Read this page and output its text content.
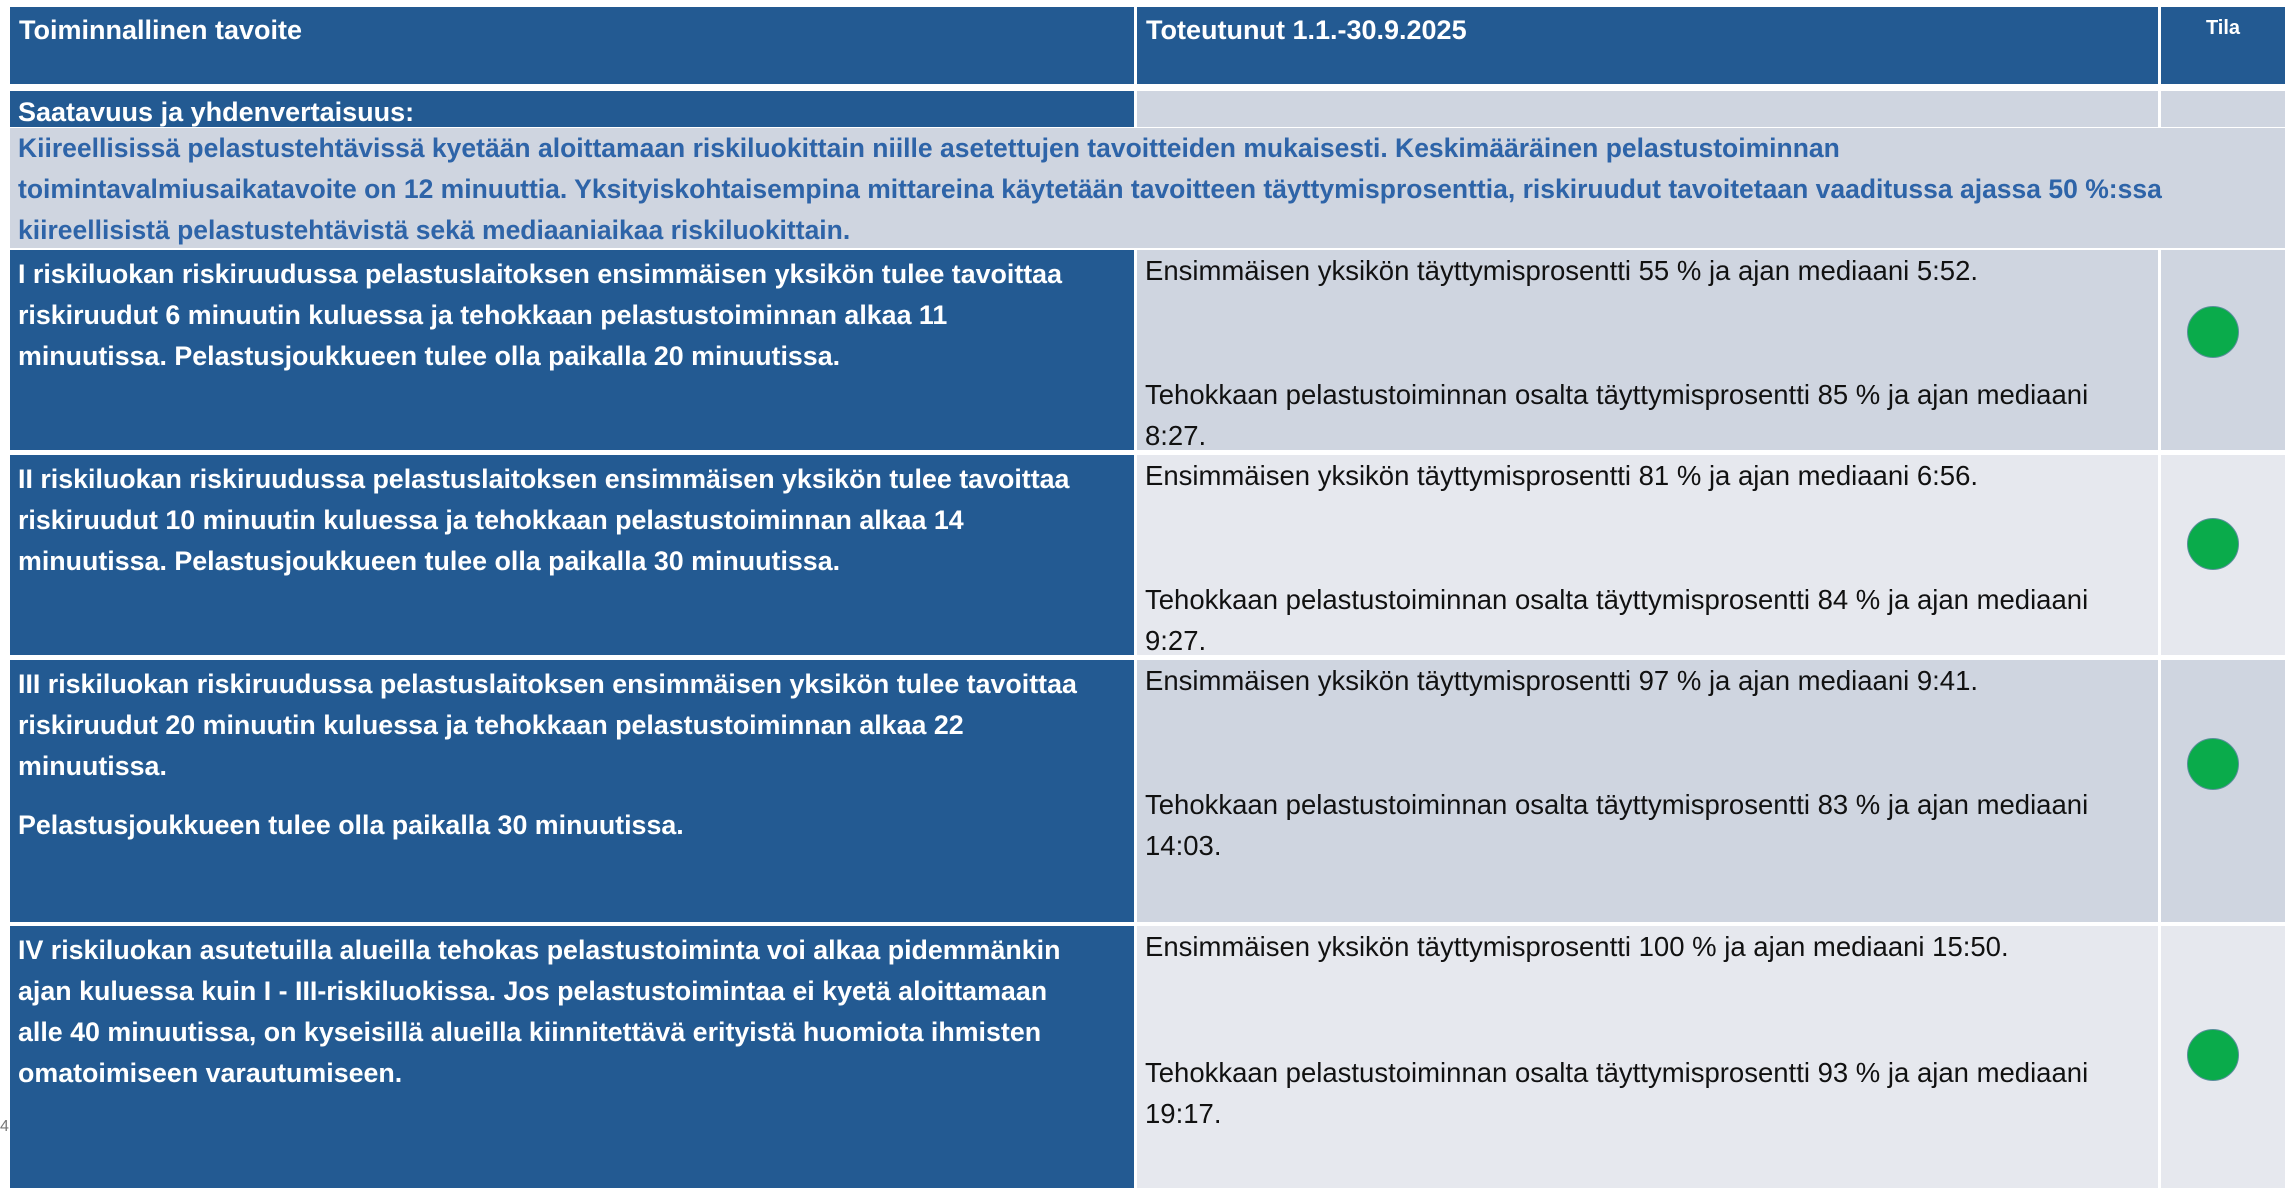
Toiminnallinen tavoite	Toteutunut 1.1.-30.9.2025	Tila
Saatavuus ja yhdenvertaisuus:
Kiireellisissä pelastustehtävissä kyetään aloittamaan riskiluokittain niille asetettujen tavoitteiden mukaisesti. Keskimääräinen pelastustoiminnan
toimintavalmiusaikatavoite on 12 minuuttia. Yksityiskohtaisempina mittareina käytetään tavoitteen täyttymisprosenttia, riskiruudut tavoitetaan vaaditussa ajassa 50 %:ssa
kiireellisistä pelastustehtävistä sekä mediaaniaikaa riskiluokittain.

I riskiluokan riskiruudussa pelastuslaitoksen ensimmäisen yksikön tulee tavoittaa

riskiruudut 6 minuutin kuluessa ja tehokkaan pelastustoiminnan alkaa 11

minuutissa. Pelastusjoukkueen tulee olla paikalla 20 minuutissa.

Ensimmäisen yksikön täyttymisprosentti 55 % ja ajan mediaani 5:52.

Tehokkaan pelastustoiminnan osalta täyttymisprosentti 85 % ja ajan mediaani

8:27.

II riskiluokan riskiruudussa pelastuslaitoksen ensimmäisen yksikön tulee tavoittaa

riskiruudut 10 minuutin kuluessa ja tehokkaan pelastustoiminnan alkaa 14

minuutissa. Pelastusjoukkueen tulee olla paikalla 30 minuutissa.

Ensimmäisen yksikön täyttymisprosentti 81 % ja ajan mediaani 6:56.

Tehokkaan pelastustoiminnan osalta täyttymisprosentti 84 % ja ajan mediaani

9:27.

III riskiluokan riskiruudussa pelastuslaitoksen ensimmäisen yksikön tulee tavoittaa

riskiruudut 20 minuutin kuluessa ja tehokkaan pelastustoiminnan alkaa 22

minuutissa.

Pelastusjoukkueen tulee olla paikalla 30 minuutissa.

Ensimmäisen yksikön täyttymisprosentti 97 % ja ajan mediaani 9:41.

Tehokkaan pelastustoiminnan osalta täyttymisprosentti 83 % ja ajan mediaani

14:03.

IV riskiluokan asutetuilla alueilla tehokas pelastustoiminta voi alkaa pidemmänkin

ajan kuluessa kuin I - III-riskiluokissa. Jos pelastustoimintaa ei kyetä aloittamaan

alle 40 minuutissa, on kyseisillä alueilla kiinnitettävä erityistä huomiota ihmisten

omatoimiseen varautumiseen.

Ensimmäisen yksikön täyttymisprosentti 100 % ja ajan mediaani 15:50.

Tehokkaan pelastustoiminnan osalta täyttymisprosentti 93 % ja ajan mediaani

19:17.

4
